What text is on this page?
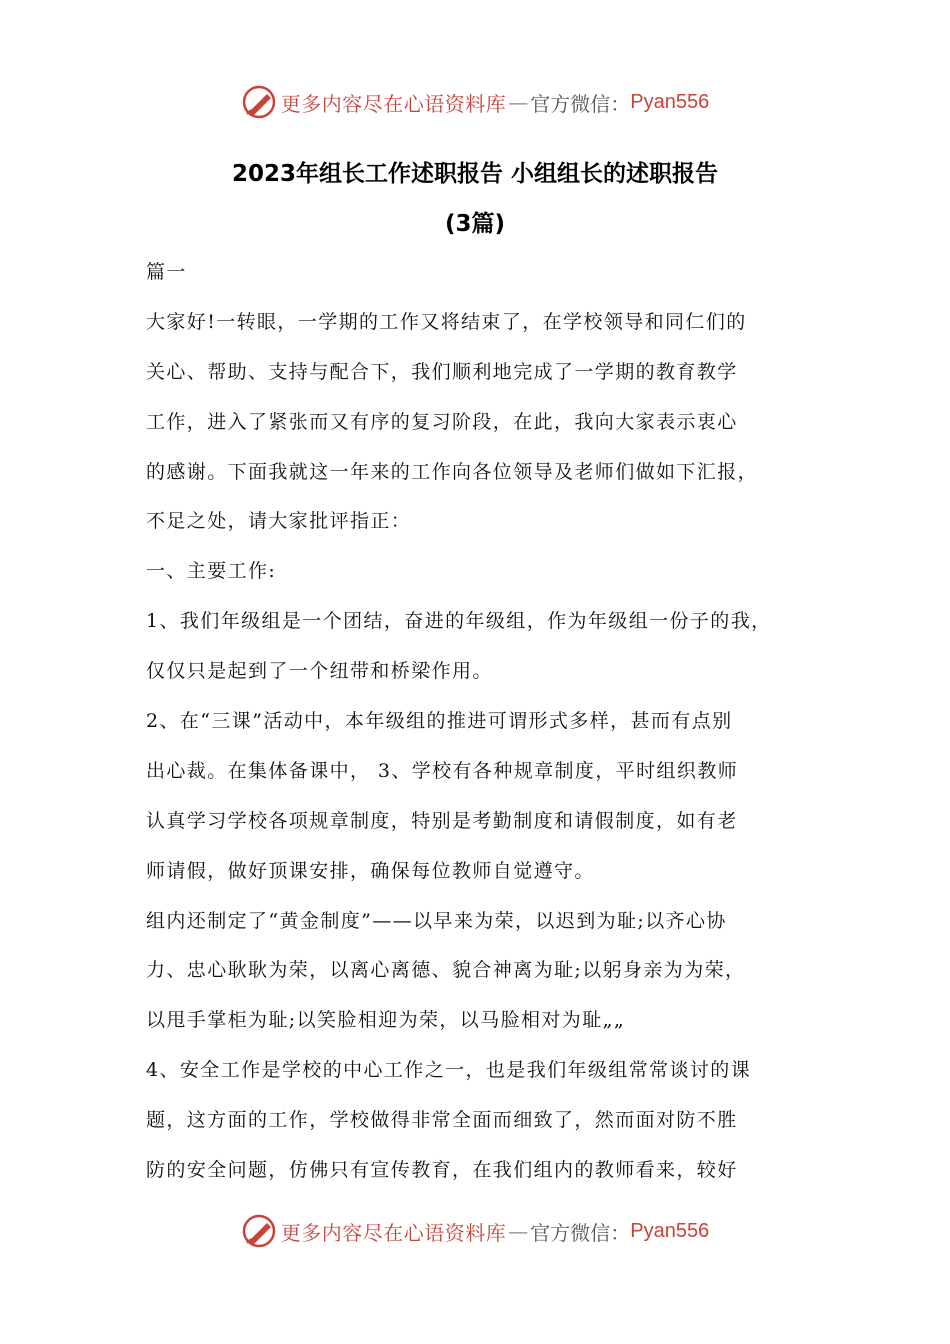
更多内容尽在心语资料库 — 官方微信： Pyan556
2023年组长工作述职报告 小组组长的述职报告
(3篇)

篇一

大家好!一转眼，一学期的工作又将结束了，在学校领导和同仁们的

关心、帮助、支持与配合下，我们顺利地完成了一学期的教育教学

工作，进入了紧张而又有序的复习阶段，在此，我向大家表示衷心

的感谢。下面我就这一年来的工作向各位领导及老师们做如下汇报，

不足之处，请大家批评指正：

一、主要工作:

1、我们年级组是一个团结，奋进的年级组，作为年级组一份子的我，

仅仅只是起到了一个纽带和桥梁作用。

2、在“三课”活动中，本年级组的推进可谓形式多样，甚而有点别

出心裁。在集体备课中， 3、学校有各种规章制度，平时组织教师

认真学习学校各项规章制度，特别是考勤制度和请假制度，如有老

师请假，做好顶课安排，确保每位教师自觉遵守。

组内还制定了“黄金制度”——以早来为荣，以迟到为耻;以齐心协

力、忠心耿耿为荣，以离心离德、貌合神离为耻;以躬身亲为为荣，

以甩手掌柜为耻;以笑脸相迎为荣，以马脸相对为耻„„

4、安全工作是学校的中心工作之一，也是我们年级组常常谈讨的课

题，这方面的工作，学校做得非常全面而细致了，然而面对防不胜

防的安全问题，仿佛只有宣传教育，在我们组内的教师看来，较好

更多内容尽在心语资料库 — 官方微信： Pyan556
